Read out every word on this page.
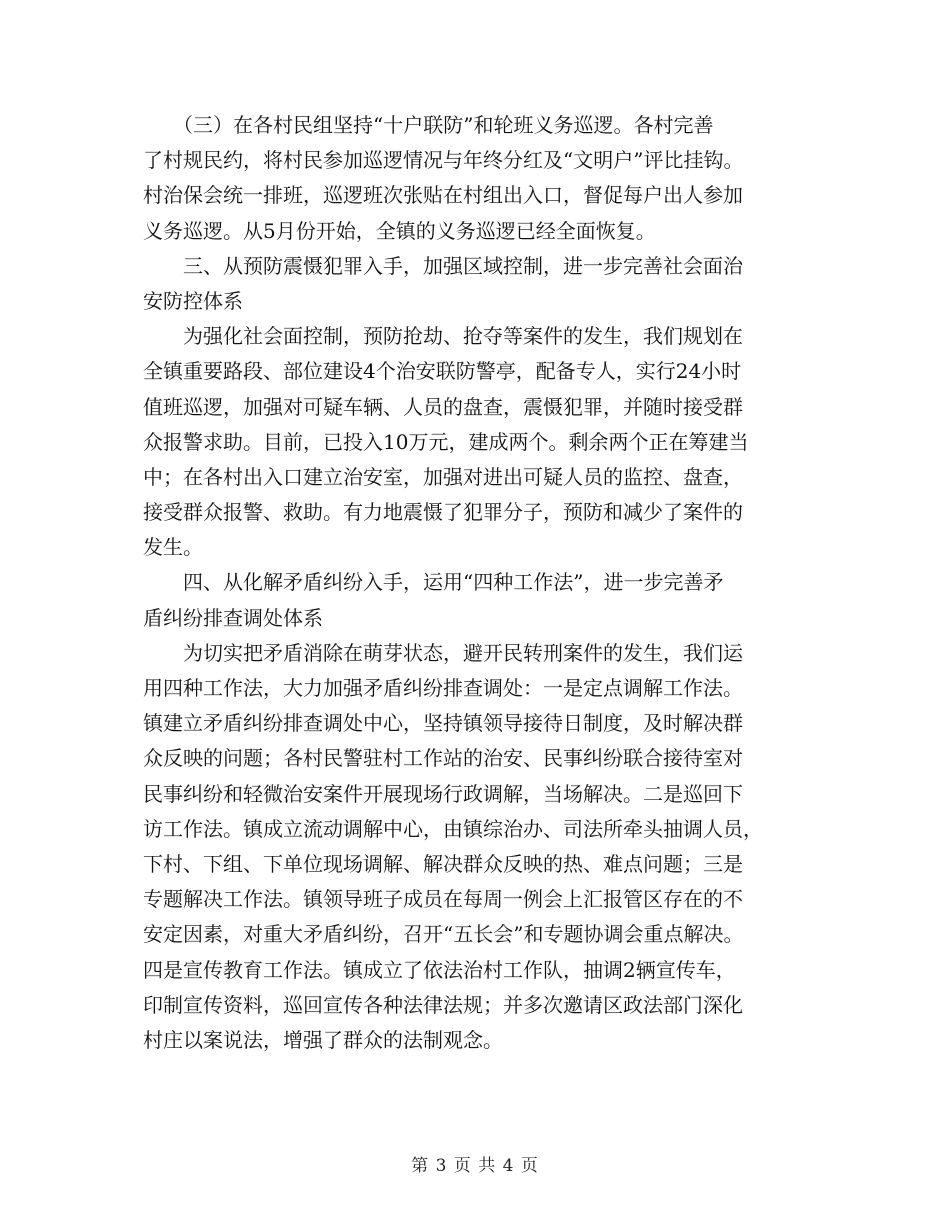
　　（三）在各村民组坚持“十户联防”和轮班义务巡逻。各村完善
了村规民约，将村民参加巡逻情况与年终分红及“文明户”评比挂钩。
村治保会统一排班，巡逻班次张贴在村组出入口，督促每户出人参加
义务巡逻。从5月份开始，全镇的义务巡逻已经全面恢复。
　　三、从预防震慑犯罪入手，加强区域控制，进一步完善社会面治
安防控体系
　　为强化社会面控制，预防抢劫、抢夺等案件的发生，我们规划在
全镇重要路段、部位建设4个治安联防警亭，配备专人，实行24小时
值班巡逻，加强对可疑车辆、人员的盘查，震慑犯罪，并随时接受群
众报警求助。目前，已投入10万元，建成两个。剩余两个正在筹建当
中；在各村出入口建立治安室，加强对进出可疑人员的监控、盘查，
接受群众报警、救助。有力地震慑了犯罪分子，预防和减少了案件的
发生。
　　四、从化解矛盾纠纷入手，运用“四种工作法”，进一步完善矛
盾纠纷排查调处体系
　　为切实把矛盾消除在萌芽状态，避开民转刑案件的发生，我们运
用四种工作法，大力加强矛盾纠纷排查调处：一是定点调解工作法。
镇建立矛盾纠纷排查调处中心，坚持镇领导接待日制度，及时解决群
众反映的问题；各村民警驻村工作站的治安、民事纠纷联合接待室对
民事纠纷和轻微治安案件开展现场行政调解，当场解决。二是巡回下
访工作法。镇成立流动调解中心，由镇综治办、司法所牵头抽调人员，
下村、下组、下单位现场调解、解决群众反映的热、难点问题；三是
专题解决工作法。镇领导班子成员在每周一例会上汇报管区存在的不
安定因素，对重大矛盾纠纷，召开“五长会”和专题协调会重点解决。
四是宣传教育工作法。镇成立了依法治村工作队，抽调2辆宣传车，
印制宣传资料，巡回宣传各种法律法规；并多次邀请区政法部门深化
村庄以案说法，增强了群众的法制观念。
第 3 页 共 4 页
